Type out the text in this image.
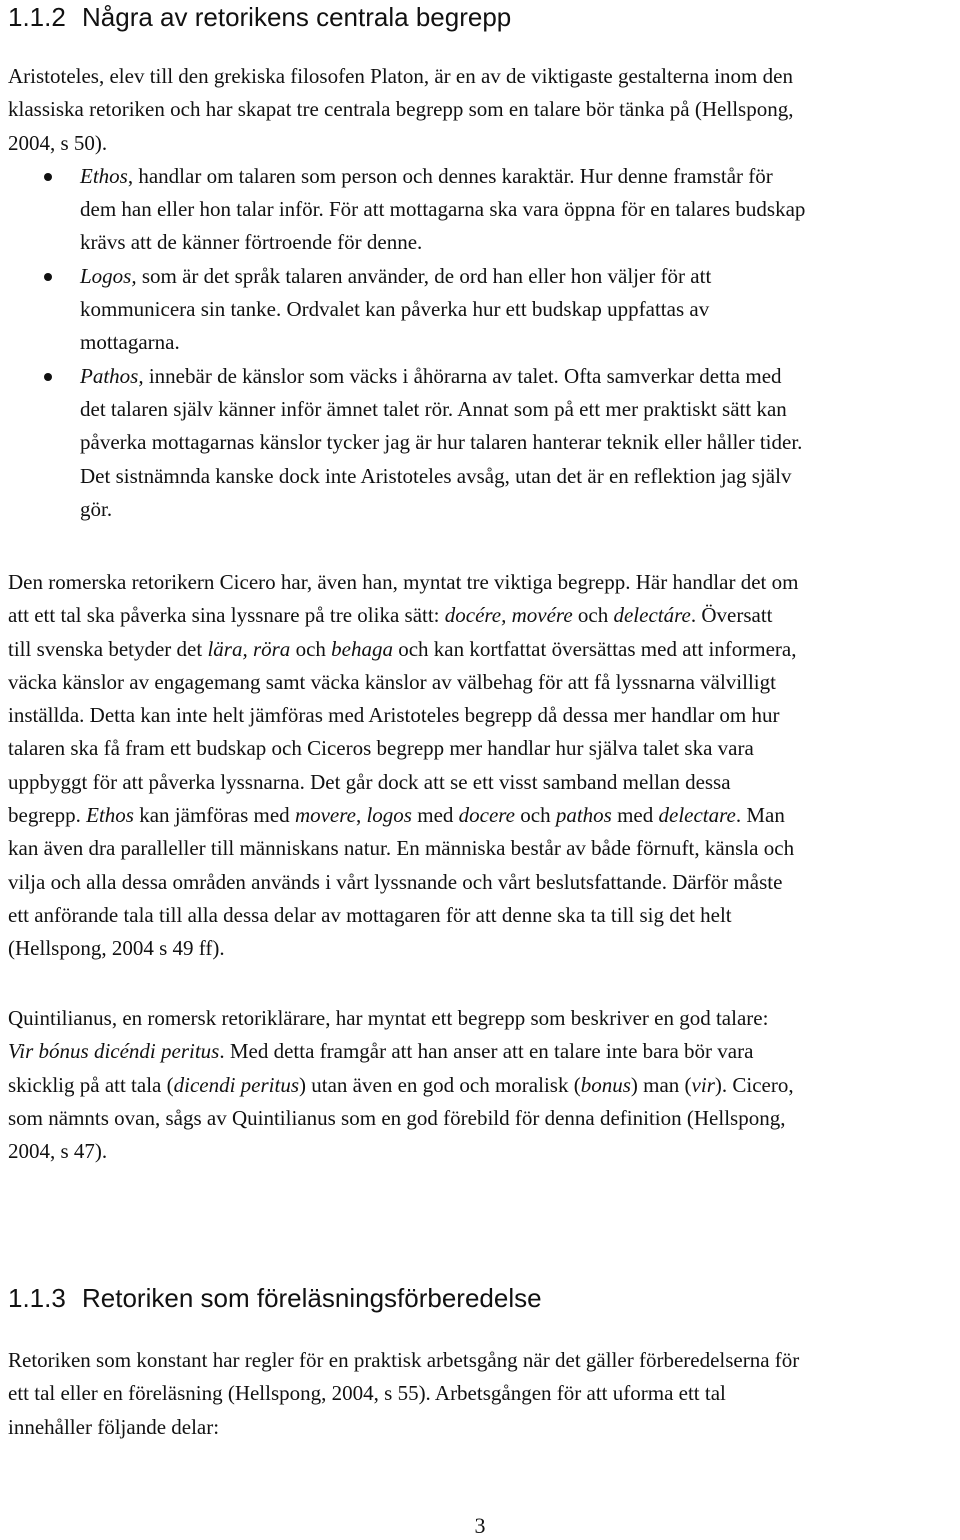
1.1.2 Några av retorikens centrala begrepp
Aristoteles, elev till den grekiska filosofen Platon, är en av de viktigaste gestalterna inom den
klassiska retoriken och har skapat tre centrala begrepp som en talare bör tänka på (Hellspong,
2004, s 50).
Ethos, handlar om talaren som person och dennes karaktär. Hur denne framstår för
dem han eller hon talar inför. För att mottagarna ska vara öppna för en talares budskap
krävs att de känner förtroende för denne.
Logos, som är det språk talaren använder, de ord han eller hon väljer för att
kommunicera sin tanke. Ordvalet kan påverka hur ett budskap uppfattas av
mottagarna.
Pathos, innebär de känslor som väcks i åhörarna av talet. Ofta samverkar detta med
det talaren själv känner inför ämnet talet rör. Annat som på ett mer praktiskt sätt kan
påverka mottagarnas känslor tycker jag är hur talaren hanterar teknik eller håller tider.
Det sistnämnda kanske dock inte Aristoteles avsåg, utan det är en reflektion jag själv
gör.
Den romerska retorikern Cicero har, även han, myntat tre viktiga begrepp. Här handlar det om
att ett tal ska påverka sina lyssnare på tre olika sätt: docére, movére och delectáre. Översatt
till svenska betyder det lära, röra och behaga och kan kortfattat översättas med att informera,
väcka känslor av engagemang samt väcka känslor av välbehag för att få lyssnarna välvilligt
inställda. Detta kan inte helt jämföras med Aristoteles begrepp då dessa mer handlar om hur
talaren ska få fram ett budskap och Ciceros begrepp mer handlar hur själva talet ska vara
uppbyggt för att påverka lyssnarna. Det går dock att se ett visst samband mellan dessa
begrepp. Ethos kan jämföras med movere, logos med docere och pathos med delectare. Man
kan även dra paralleller till människans natur. En människa består av både förnuft, känsla och
vilja och alla dessa områden används i vårt lyssnande och vårt beslutsfattande. Därför måste
ett anförande tala till alla dessa delar av mottagaren för att denne ska ta till sig det helt
(Hellspong, 2004 s 49 ff).
Quintilianus, en romersk retoriklärare, har myntat ett begrepp som beskriver en god talare:
Vir bónus dicéndi peritus. Med detta framgår att han anser att en talare inte bara bör vara
skicklig på att tala (dicendi peritus) utan även en god och moralisk (bonus) man (vir). Cicero,
som nämnts ovan, sågs av Quintilianus som en god förebild för denna definition (Hellspong,
2004, s 47).
1.1.3 Retoriken som föreläsningsförberedelse
Retoriken som konstant har regler för en praktisk arbetsgång när det gäller förberedelserna för
ett tal eller en föreläsning (Hellspong, 2004, s 55). Arbetsgången för att uforma ett tal
innehåller följande delar:
3
